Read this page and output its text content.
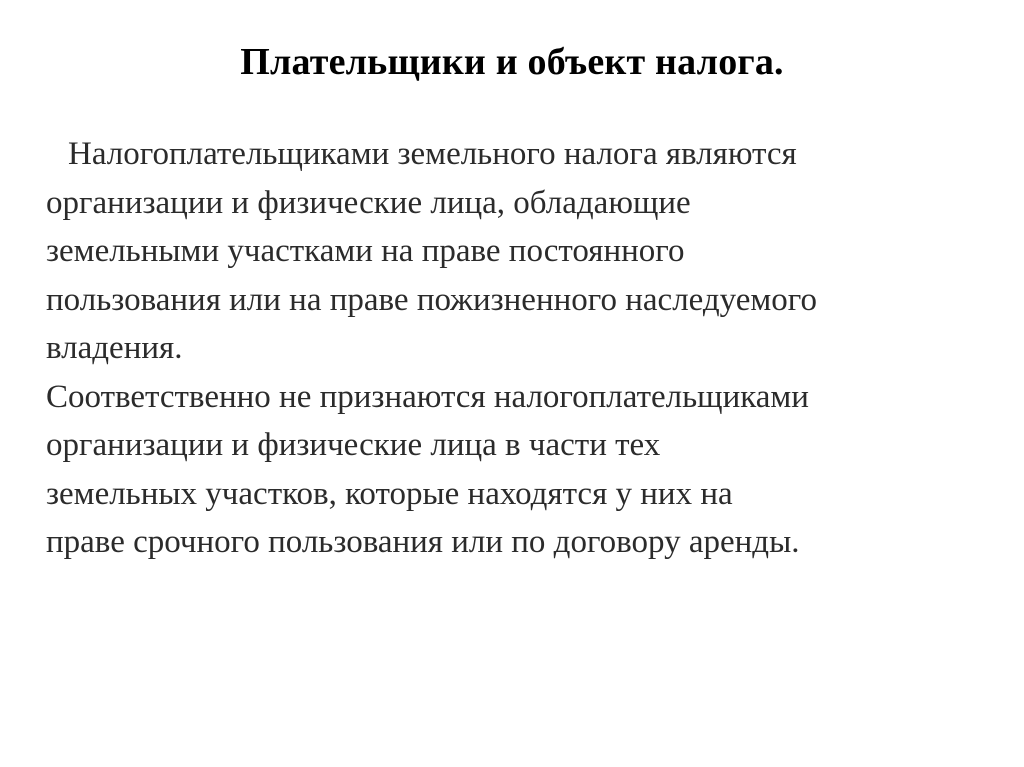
Плательщики и объект налога.
Налогоплательщиками земельного налога являются
организации и физические лица, обладающие
земельными участками на праве постоянного
пользования или на праве пожизненного наследуемого
владения.
Соответственно не признаются налогоплательщиками
организации и физические лица в части тех
земельных участков, которые находятся у них на
праве срочного пользования или по договору аренды.
